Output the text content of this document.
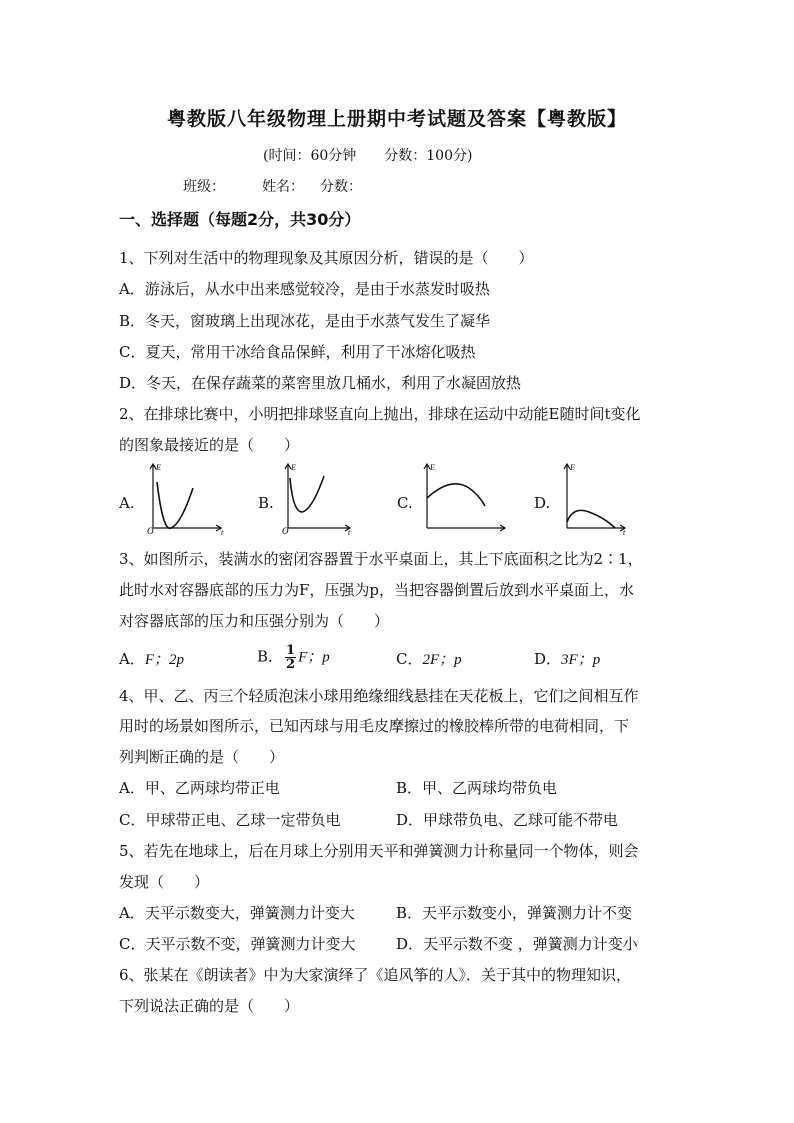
粤教版八年级物理上册期中考试题及答案【粤教版】
(时间：60分钟　　分数：100分)
班级：	姓名： 分数：
一、选择题（每题2分，共30分）
1、下列对生活中的物理现象及其原因分析，错误的是（　　）
A．游泳后，从水中出来感觉较冷，是由于水蒸发时吸热
B．冬天，窗玻璃上出现冰花，是由于水蒸气发生了凝华
C．夏天，常用干冰给食品保鲜，利用了干冰熔化吸热
D．冬天，在保存蔬菜的菜窖里放几桶水，利用了水凝固放热
2、在排球比赛中，小明把排球竖直向上抛出，排球在运动中动能E随时间t变化
的图象最接近的是（　　）
A.
E
O	t
B.
E
O	t
C.
E
D.
E
t
3、如图所示，装满水的密闭容器置于水平桌面上，其上下底面积之比为2∶1，
此时水对容器底部的压力为F，压强为p，当把容器倒置后放到水平桌面上，水
对容器底部的压力和压强分别为（　　）
A．F；2p	B． $\frac{1}{2}$ F；p	C．2F；p	D．3F；p
4、甲、乙、丙三个轻质泡沫小球用绝缘细线悬挂在天花板上，它们之间相互作
用时的场景如图所示，已知丙球与用毛皮摩擦过的橡胶棒所带的电荷相同，下
列判断正确的是（　　）
A．甲、乙两球均带正电	B．甲、乙两球均带负电
C．甲球带正电、乙球一定带负电	D．甲球带负电、乙球可能不带电
5、若先在地球上，后在月球上分别用天平和弹簧测力计称量同一个物体，则会
发现（　　）
A．天平示数变大，弹簧测力计变大	B．天平示数变小，弹簧测力计不变
C．天平示数不变，弹簧测力计变大	D．天平示数不变 ，弹簧测力计变小
6、张某在《朗读者》中为大家演绎了《追风筝的人》．关于其中的物理知识，
下列说法正确的是（　　）
